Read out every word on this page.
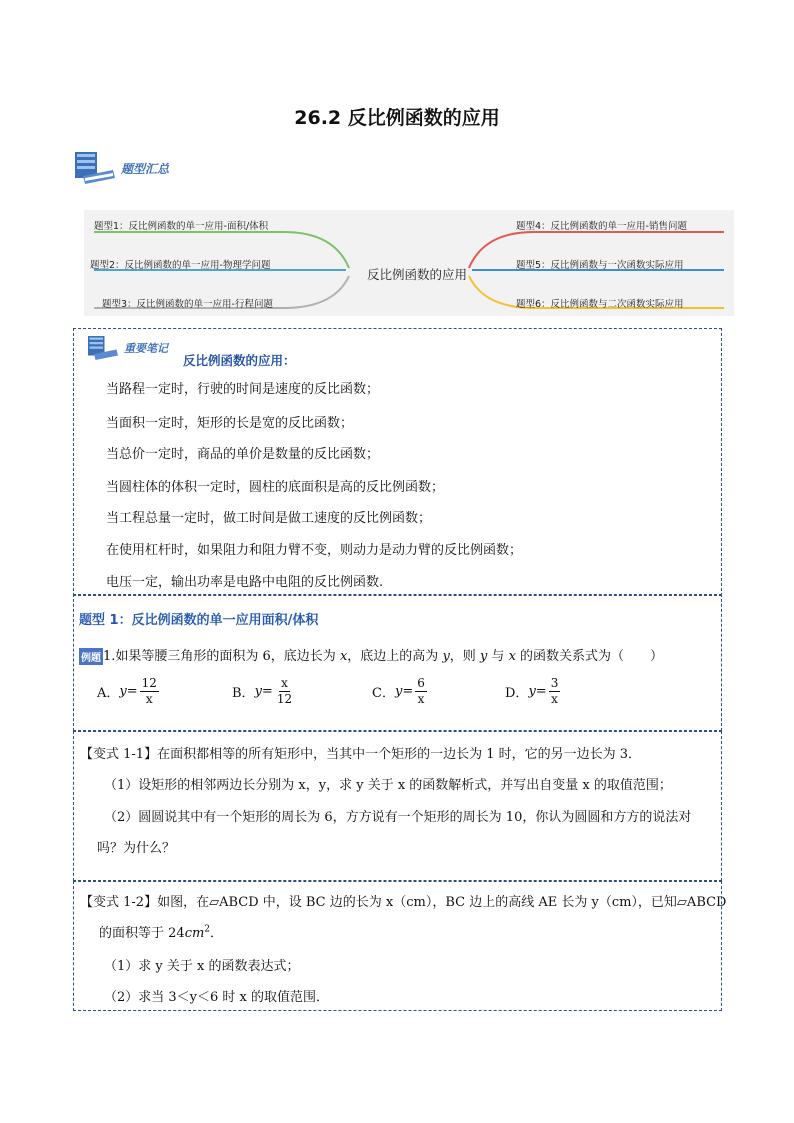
26.2 反比例函数的应用
题型汇总
反比例函数的应用
题型1：反比例函数的单一应用-面积/体积
题型2：反比例函数的单一应用-物理学问题
题型3：反比例函数的单一应用-行程问题
题型4：反比例函数的单一应用-销售问题
题型5：反比例函数与一次函数实际应用
题型6：反比例函数与二次函数实际应用
重要笔记
反比例函数的应用：
当路程一定时，行驶的时间是速度的反比函数；
当面积一定时，矩形的长是宽的反比函数；
当总价一定时，商品的单价是数量的反比函数；
当圆柱体的体积一定时，圆柱的底面积是高的反比例函数；
当工程总量一定时，做工时间是做工速度的反比例函数；
在使用杠杆时，如果阻力和阻力臂不变，则动力是动力臂的反比例函数；
电压一定，输出功率是电路中电阻的反比例函数.
题型 1：反比例函数的单一应用面积/体积
例题 1.如果等腰三角形的面积为 6，底边长为 x，底边上的高为 y，则 y 与 x 的函数关系式为（　　）
A． $y = \frac{12}{x}$	B． $y = \frac{x}{12}$	C． $y = \frac{6}{x}$	D． $y = \frac{3}{x}$
【变式 1-1】在面积都相等的所有矩形中，当其中一个矩形的一边长为 1 时，它的另一边长为 3．
（1）设矩形的相邻两边长分别为 x，y，求 y 关于 x 的函数解析式，并写出自变量 x 的取值范围；
（2）圆圆说其中有一个矩形的周长为 6，方方说有一个矩形的周长为 10，你认为圆圆和方方的说法对
吗？为什么？
【变式 1-2】如图，在▱ABCD 中，设 BC 边的长为 x（cm），BC 边上的高线 AE 长为 y（cm），已知▱ABCD
的面积等于 $24cm^2$．
（1）求 y 关于 x 的函数表达式；
（2）求当 3＜y＜6 时 x 的取值范围．
